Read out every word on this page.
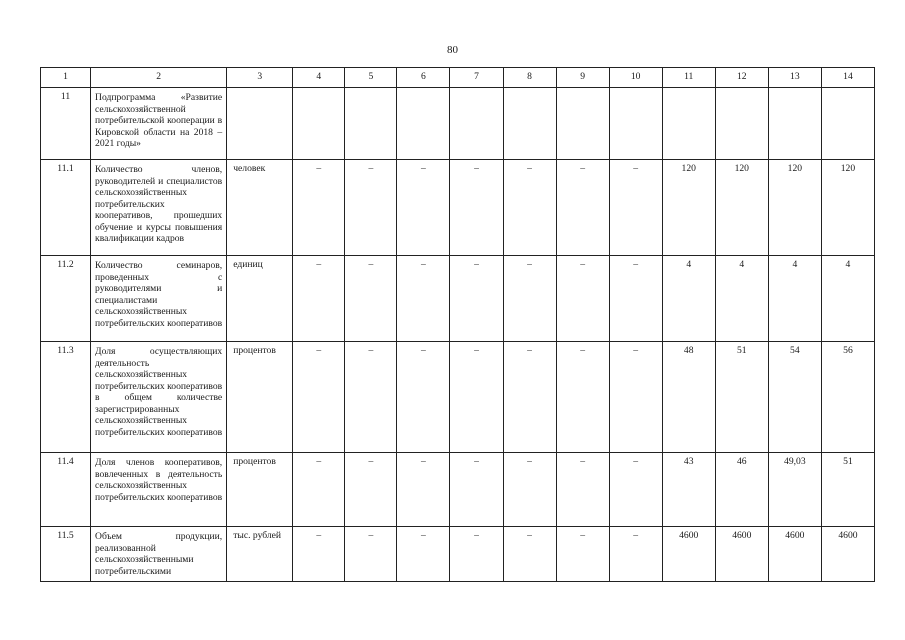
80
1	2	3	4	5	6	7	8	9	10	11	12	13	14
11	Подпрограмма «Развитие сельскохозяйственной потребительской кооперации в Кировской области на 2018 – 2021 годы»												
11.1	Количество членов, руководителей и специалистов сельскохозяйственных потребительских кооперативов, прошедших обучение и курсы повышения квалификации кадров	человек	–	–	–	–	–	–	–	120	120	120	120
11.2	Количество семинаров, проведенных с руководителями и специалистами сельскохозяйственных потребительских кооперативов	единиц	–	–	–	–	–	–	–	4	4	4	4
11.3	Доля осуществляющих деятельность сельскохозяйственных потребительских кооперативов в общем количестве зарегистрированных сельскохозяйственных потребительских кооперативов	процентов	–	–	–	–	–	–	–	48	51	54	56
11.4	Доля членов кооперативов, вовлеченных в деятельность сельскохозяйственных потребительских кооперативов	процентов	–	–	–	–	–	–	–	43	46	49,03	51
11.5	Объем продукции, реализованной сельскохозяйственными потребительскими	тыс. рублей	–	–	–	–	–	–	–	4600	4600	4600	4600
